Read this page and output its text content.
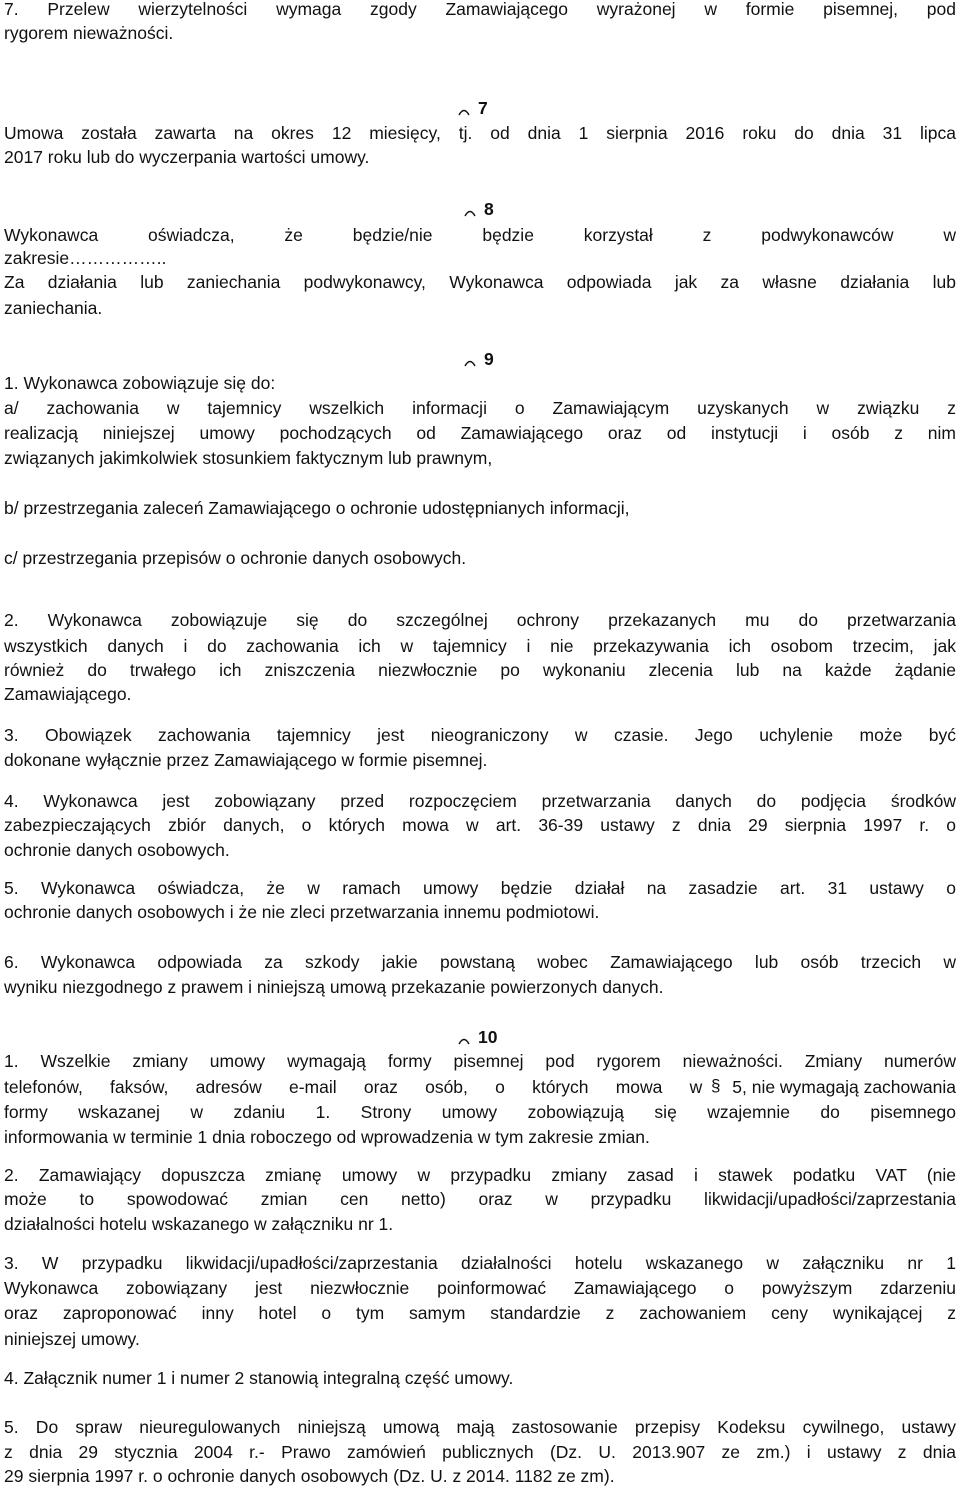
7. Przelew wierzytelności wymaga zgody Zamawiającego wyrażonej w formie pisemnej, pod
rygorem nieważności.
7
Umowa została zawarta na okres 12 miesięcy, tj. od dnia 1 sierpnia 2016 roku do dnia 31 lipca
2017 roku lub do wyczerpania wartości umowy.
8
Wykonawca oświadcza, że będzie/nie będzie korzystał z podwykonawców w
zakresie……………..
Za działania lub zaniechania podwykonawcy, Wykonawca odpowiada jak za własne działania lub
zaniechania.
9
1. Wykonawca zobowiązuje się do:
a/ zachowania w tajemnicy wszelkich informacji o Zamawiającym uzyskanych w związku z
realizacją niniejszej umowy pochodzących od Zamawiającego oraz od instytucji i osób z nim
związanych jakimkolwiek stosunkiem faktycznym lub prawnym,
b/ przestrzegania zaleceń Zamawiającego o ochronie udostępnianych informacji,
c/ przestrzegania przepisów o ochronie danych osobowych.
2. Wykonawca zobowiązuje się do szczególnej ochrony przekazanych mu do przetwarzania
wszystkich danych i do zachowania ich w tajemnicy i nie przekazywania ich osobom trzecim, jak
również do trwałego ich zniszczenia niezwłocznie po wykonaniu zlecenia lub na każde żądanie
Zamawiającego.
3. Obowiązek zachowania tajemnicy jest nieograniczony w czasie. Jego uchylenie może być
dokonane wyłącznie przez Zamawiającego w formie pisemnej.
4. Wykonawca jest zobowiązany przed rozpoczęciem przetwarzania danych do podjęcia środków
zabezpieczających zbiór danych, o których mowa w art. 36-39 ustawy z dnia 29 sierpnia 1997 r. o
ochronie danych osobowych.
5. Wykonawca oświadcza, że w ramach umowy będzie działał na zasadzie art. 31 ustawy o
ochronie danych osobowych i że nie zleci przetwarzania innemu podmiotowi.
6. Wykonawca odpowiada za szkody jakie powstaną wobec Zamawiającego lub osób trzecich w
wyniku niezgodnego z prawem i niniejszą umową przekazanie powierzonych danych.
10
1. Wszelkie zmiany umowy wymagają formy pisemnej pod rygorem nieważności. Zmiany numerów
telefonów, faksów, adresów e-mail oraz osób, o których mowa w § 5, nie wymagają zachowania
formy wskazanej w zdaniu 1. Strony umowy zobowiązują się wzajemnie do pisemnego
informowania w terminie 1 dnia roboczego od wprowadzenia w tym zakresie zmian.
2. Zamawiający dopuszcza zmianę umowy w przypadku zmiany zasad i stawek podatku VAT (nie
może to spowodować zmian cen netto) oraz w przypadku likwidacji/upadłości/zaprzestania
działalności hotelu wskazanego w załączniku nr 1.
3. W przypadku likwidacji/upadłości/zaprzestania działalności hotelu wskazanego w załączniku nr 1
Wykonawca zobowiązany jest niezwłocznie poinformować Zamawiającego o powyższym zdarzeniu
oraz zaproponować inny hotel o tym samym standardzie z zachowaniem ceny wynikającej z
niniejszej umowy.
4. Załącznik numer 1 i numer 2 stanowią integralną część umowy.
5. Do spraw nieuregulowanych niniejszą umową mają zastosowanie przepisy Kodeksu cywilnego, ustawy
z dnia 29 stycznia 2004 r.- Prawo zamówień publicznych (Dz. U. 2013.907 ze zm.) i ustawy z dnia
29 sierpnia 1997 r. o ochronie danych osobowych (Dz. U. z 2014. 1182 ze zm).
